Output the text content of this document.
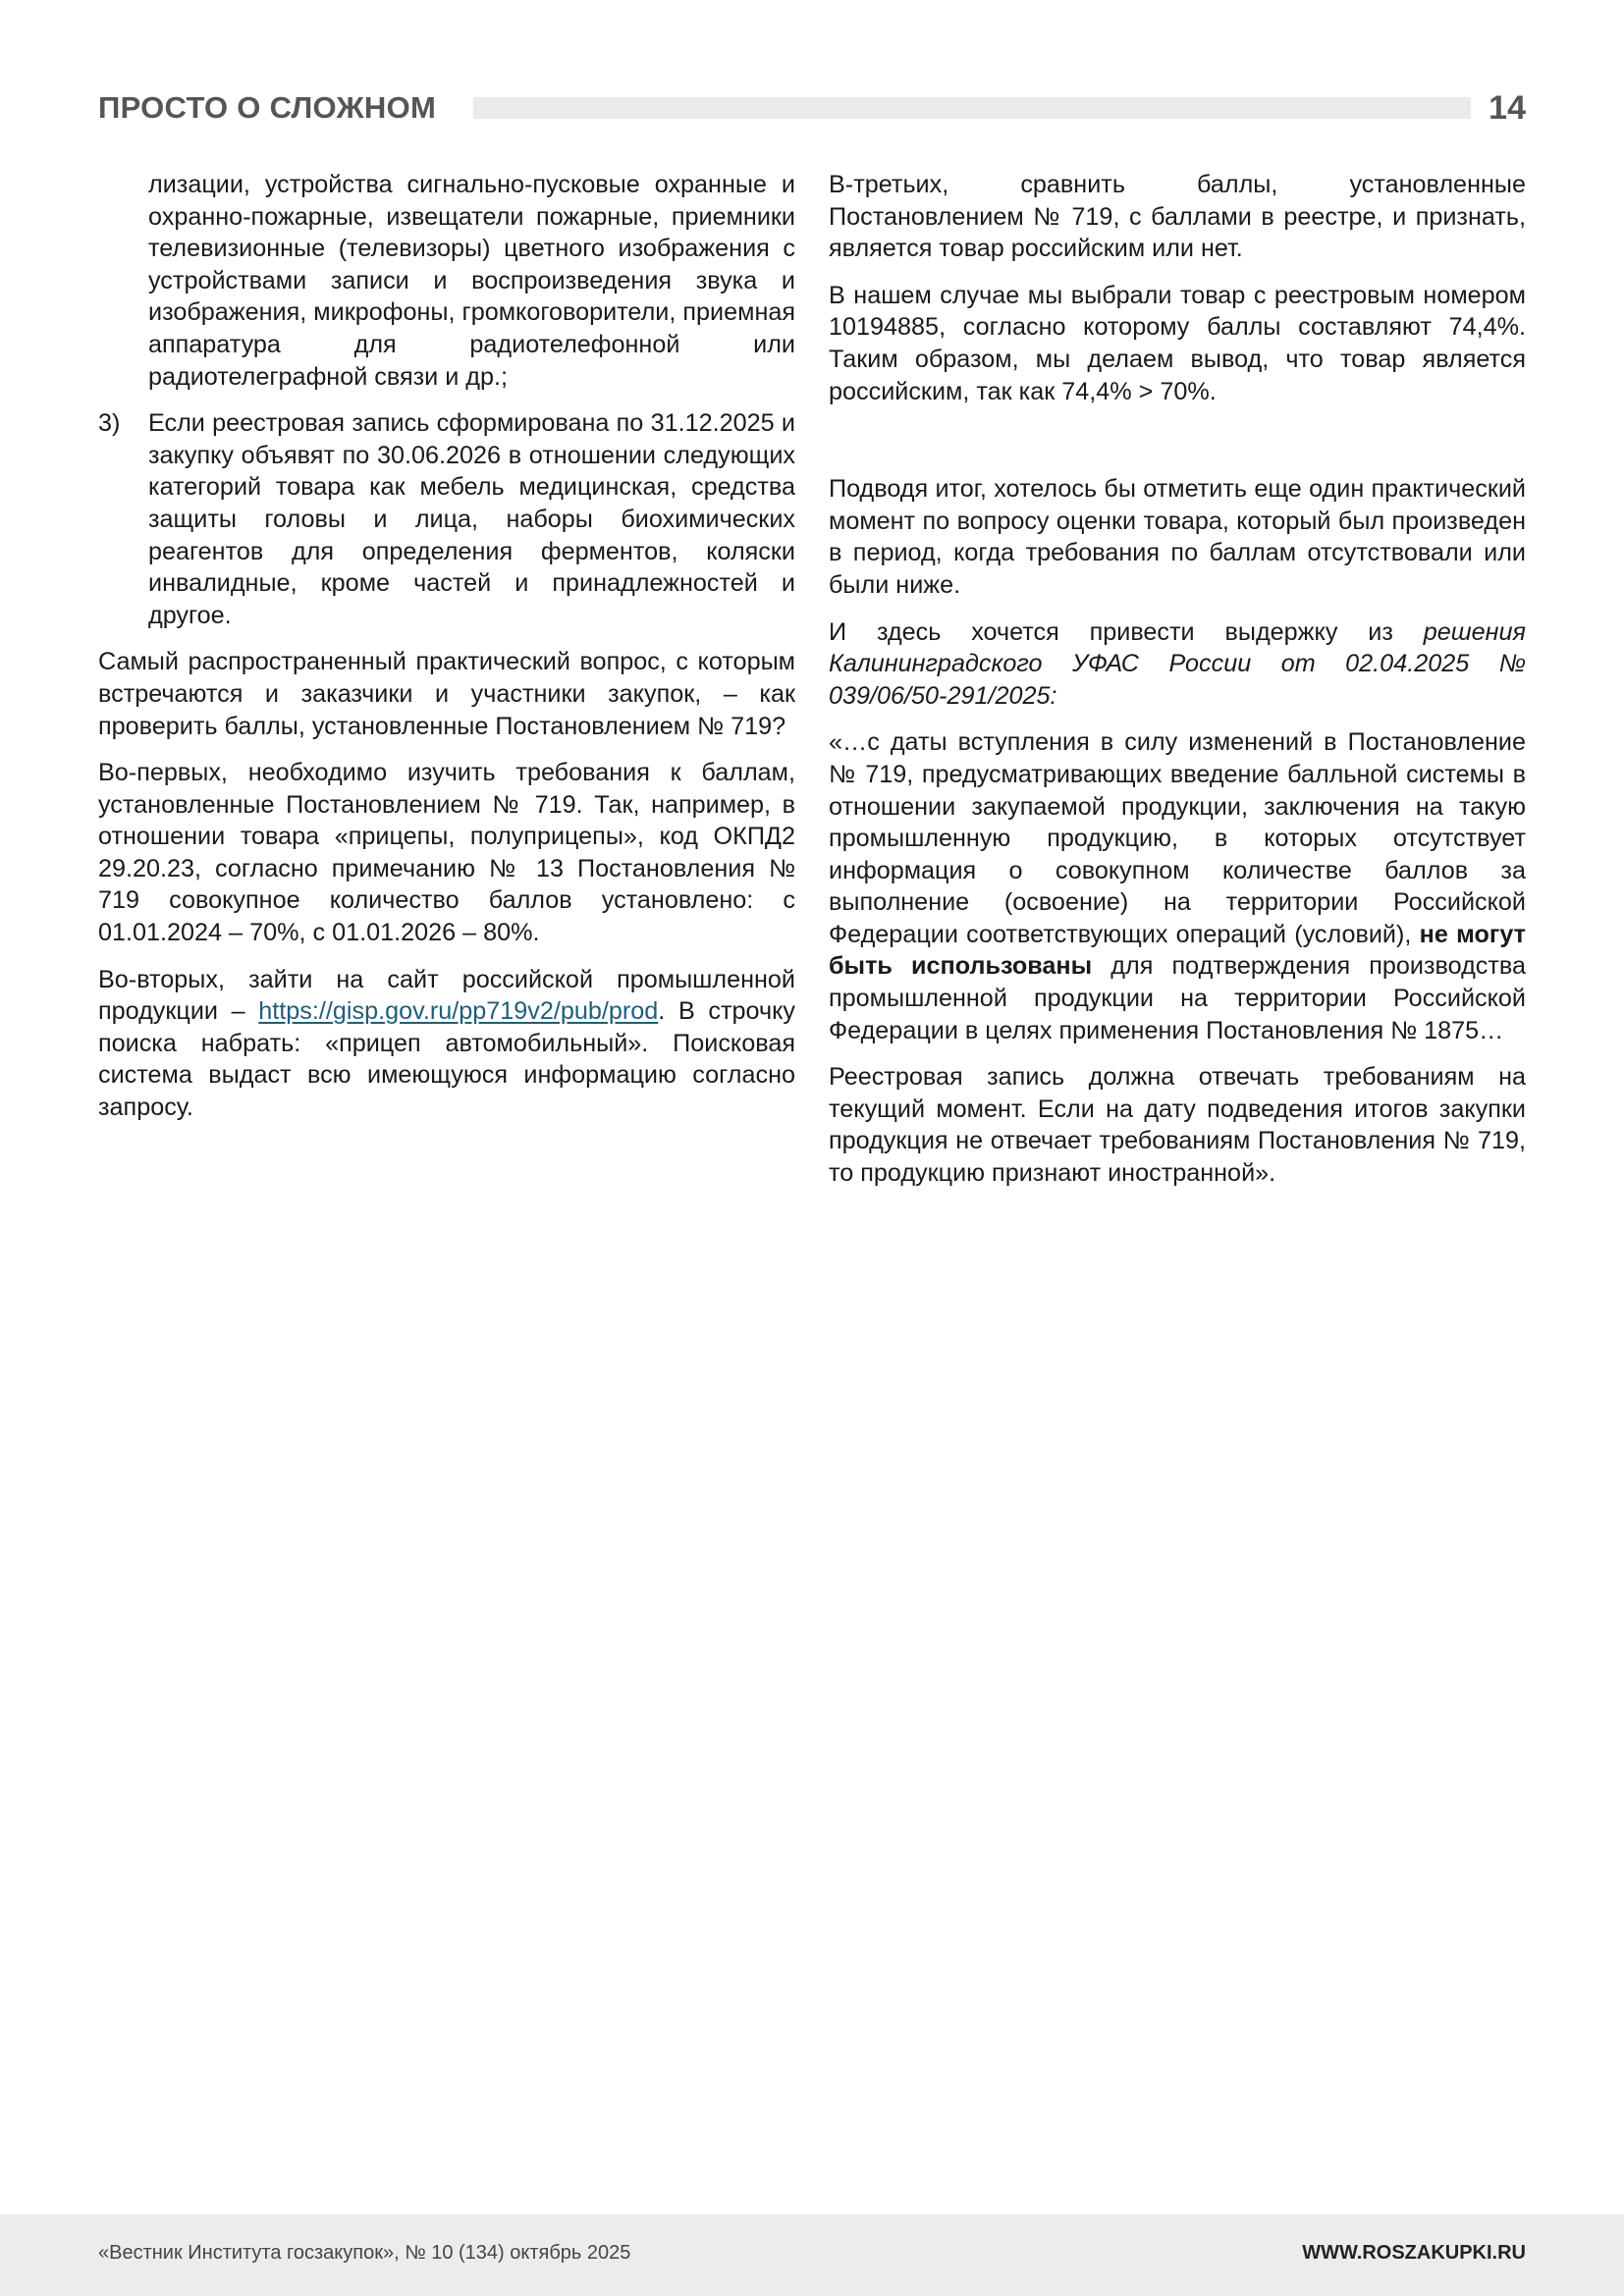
ПРОСТО О СЛОЖНОМ	14

лизации, устройства сигнально-пусковые охранные и охранно-пожарные, извещатели пожарные, приемники телевизионные (телевизоры) цветного изображения с устройствами записи и воспроизведения звука и изображения, микрофоны, громкоговорители, приемная аппаратура для радиотелефонной или радиотелеграфной связи и др.;

3) Если реестровая запись сформирована по 31.12.2025 и закупку объявят по 30.06.2026 в отношении следующих категорий товара как мебель медицинская, средства защиты головы и лица, наборы биохимических реагентов для определения ферментов, коляски инвалидные, кроме частей и принадлежностей и другое.

Самый распространенный практический вопрос, с которым встречаются и заказчики и участники закупок, – как проверить баллы, установленные Постановлением № 719?

Во-первых, необходимо изучить требования к баллам, установленные Постановлением № 719. Так, например, в отношении товара «прицепы, полуприцепы», код ОКПД2 29.20.23, согласно примечанию № 13 Постановления № 719 совокупное количество баллов установлено: с 01.01.2024 – 70%, с 01.01.2026 – 80%.

Во-вторых, зайти на сайт российской промышленной продукции – https://gisp.gov.ru/pp719v2/pub/prod. В строчку поиска набрать: «прицеп автомобильный». Поисковая система выдаст всю имеющуюся информацию согласно запросу.

В-третьих, сравнить баллы, установленные Постановлением № 719, с баллами в реестре, и признать, является товар российским или нет.

В нашем случае мы выбрали товар с реестровым номером 10194885, согласно которому баллы составляют 74,4%. Таким образом, мы делаем вывод, что товар является российским, так как 74,4% > 70%.

Подводя итог, хотелось бы отметить еще один практический момент по вопросу оценки товара, который был произведен в период, когда требования по баллам отсутствовали или были ниже.

И здесь хочется привести выдержку из решения Калининградского УФАС России от 02.04.2025 № 039/06/50-291/2025:

«…с даты вступления в силу изменений в Постановление № 719, предусматривающих введение балльной системы в отношении закупаемой продукции, заключения на такую промышленную продукцию, в которых отсутствует информация о совокупном количестве баллов за выполнение (освоение) на территории Российской Федерации соответствующих операций (условий), не могут быть использованы для подтверждения производства промышленной продукции на территории Российской Федерации в целях применения Постановления № 1875…

Реестровая запись должна отвечать требованиям на текущий момент. Если на дату подведения итогов закупки продукция не отвечает требованиям Постановления № 719, то продукцию признают иностранной».

«Вестник Института госзакупок», № 10 (134) октябрь 2025	WWW.ROSZAKUPKI.RU
